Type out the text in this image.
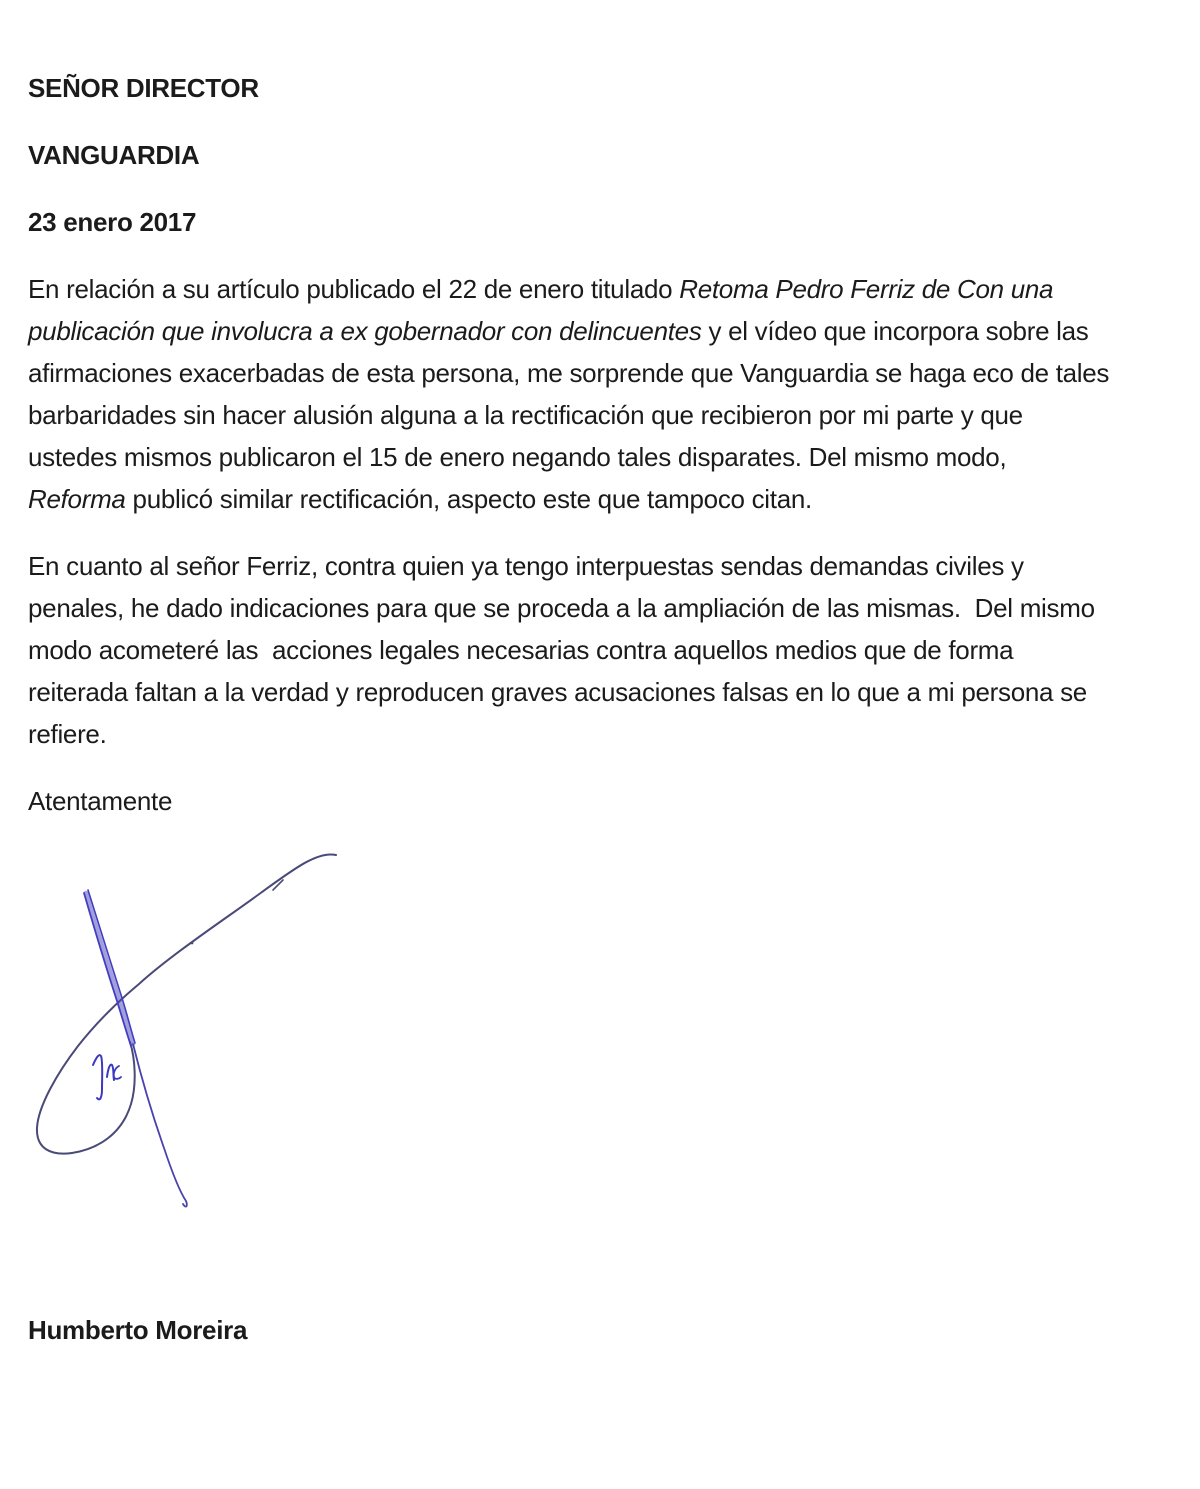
SEÑOR DIRECTOR

VANGUARDIA

23 enero 2017

En relación a su artículo publicado el 22 de enero titulado Retoma Pedro Ferriz de Con una
publicación que involucra a ex gobernador con delincuentes y el vídeo que incorpora sobre las
afirmaciones exacerbadas de esta persona, me sorprende que Vanguardia se haga eco de tales
barbaridades sin hacer alusión alguna a la rectificación que recibieron por mi parte y que
ustedes mismos publicaron el 15 de enero negando tales disparates. Del mismo modo,
Reforma publicó similar rectificación, aspecto este que tampoco citan.
En cuanto al señor Ferriz, contra quien ya tengo interpuestas sendas demandas civiles y
penales, he dado indicaciones para que se proceda a la ampliación de las mismas.  Del mismo
modo acometeré las  acciones legales necesarias contra aquellos medios que de forma
reiterada faltan a la verdad y reproducen graves acusaciones falsas en lo que a mi persona se
refiere.

Atentamente

Humberto Moreira
